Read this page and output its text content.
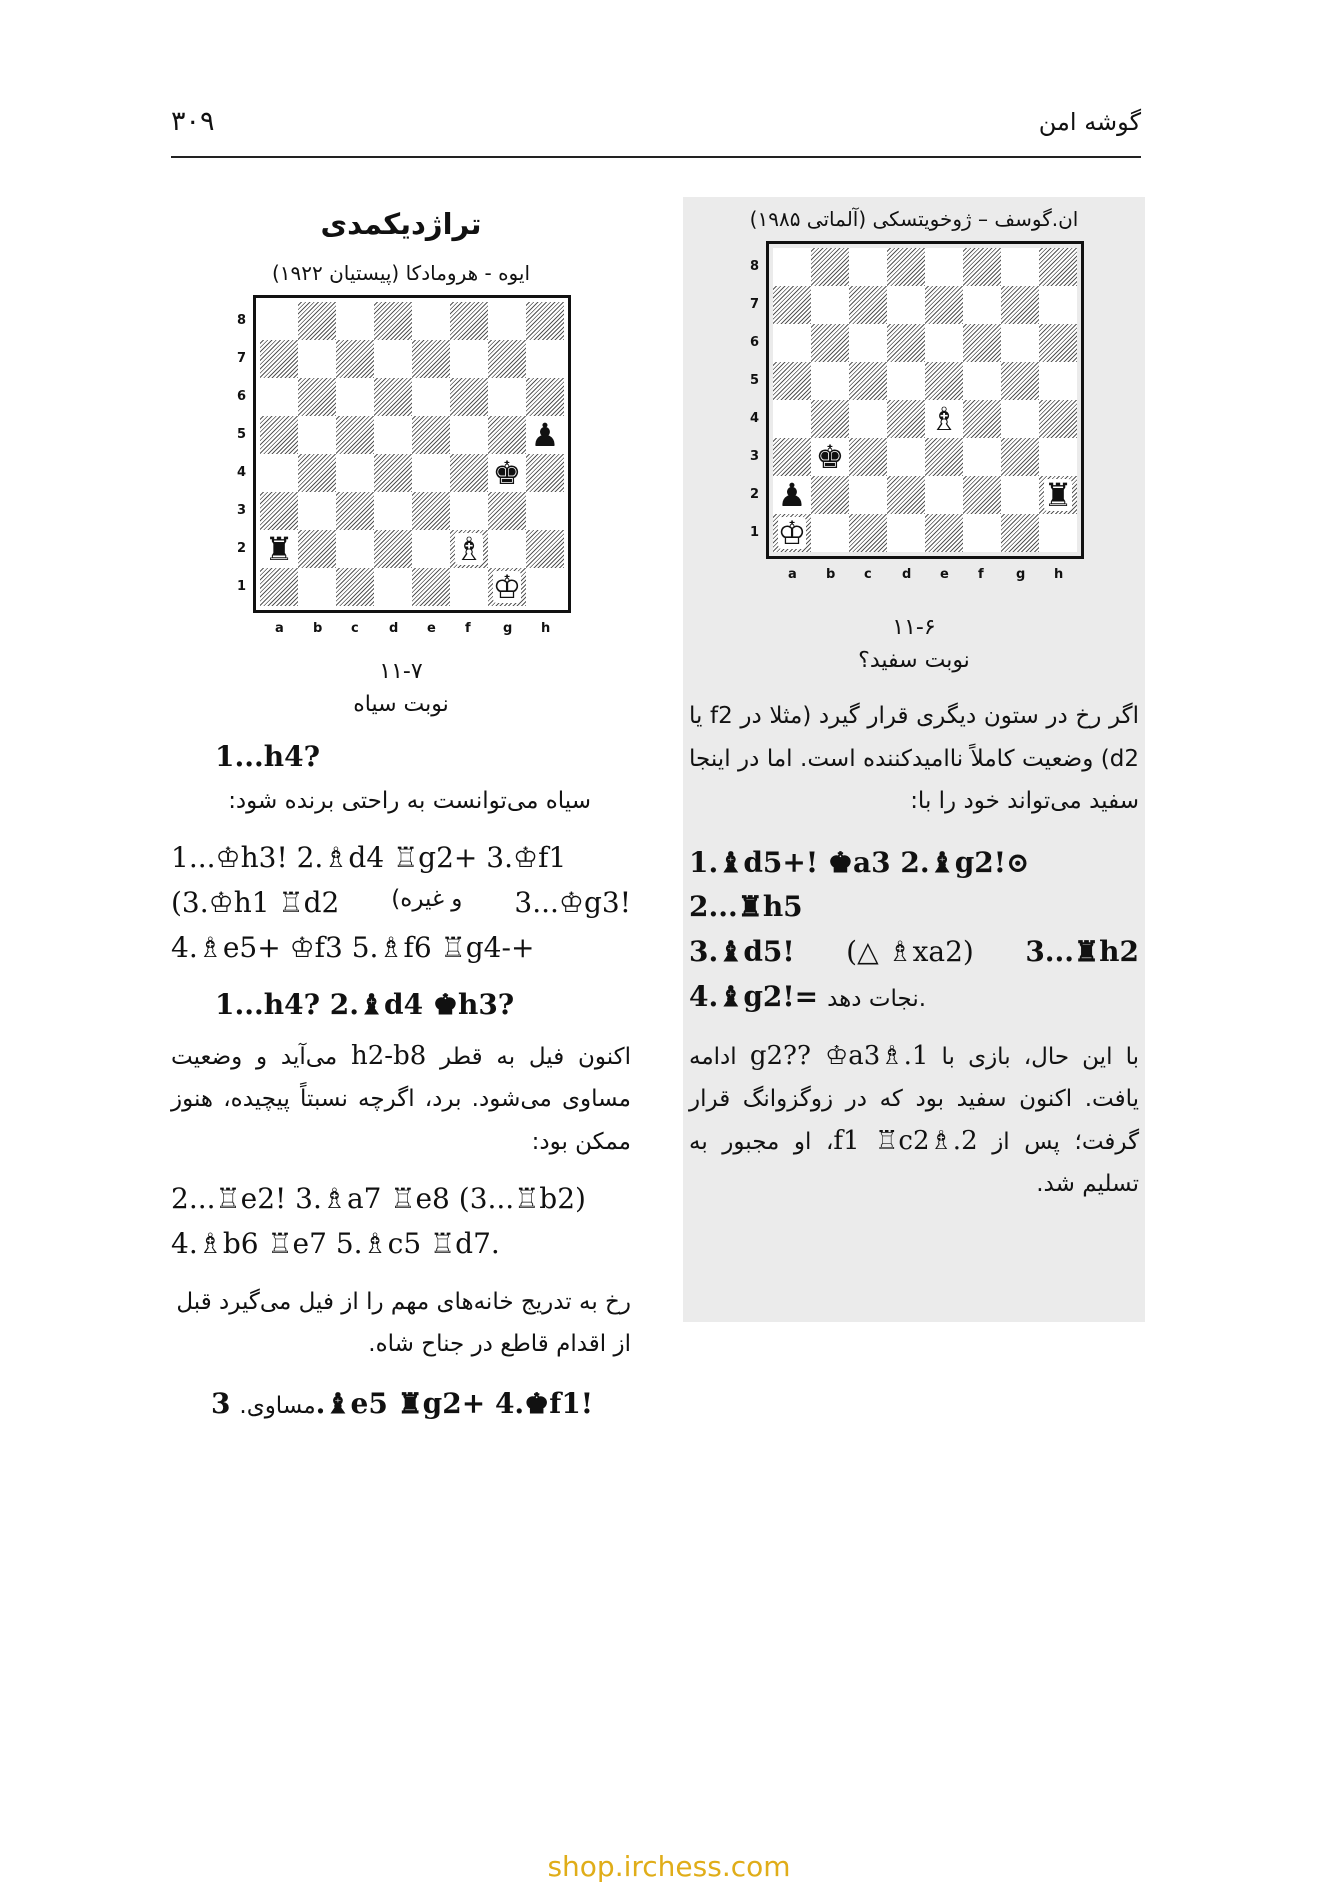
۳۰۹	گوشه امن
تراژدیکمدی
ایوه - هرومادکا (پیستیان ۱۹۲۲)
♟
♚
♜	♗
♔
8
7
6
5
4
3
2
1
a b c d e f g h
۱۱-۷
نوبت سیاه

1...h4?

سیاه می‌توانست به راحتی برنده شود:

1...♔h3! 2.♗d4 ♖g2+ 3.♔f1

(3.♔h1 ♖d2 و غیره) 3...♔g3!

4.♗e5+ ♔f3 5.♗f6 ♖g4-+

1...h4? 2.♝d4 ♚h3?

اکنون فیل به قطر h2-b8 می‌آید و وضعیت مساوی می‌شود. برد، اگرچه نسبتاً پیچیده، هنوز ممکن بود:

2...♖e2! 3.♗a7 ♖e8 (3...♖b2)

4.♗b6 ♖e7 5.♗c5 ♖d7.

رخ به تدریج خانه‌های مهم را از فیل می‌گیرد قبل از اقدام قاطع در جناح شاه.

مساوی. 3.♝e5 ♜g2+ 4.♚f1!

ان.گوسف – ژوخویتسکی (آلماتی ۱۹۸۵)
♗
♚
♟	♜
♔
8
7
6
5
4
3
2
1
a b c d e f g h
۱۱-۶
نوبت سفید؟

اگر رخ در ستون دیگری قرار گیرد (مثلا در f2 یا d2) وضعیت کاملاً ناامیدکننده است. اما در اینجا سفید می‌تواند خود را با:

1.♝d5+! ♚a3 2.♝g2!⊙ 2...♜h5

3.♝d5! (△ ♗xa2) 3...♜h2

4.♝g2!= نجات دهد.

با این حال، بازی با 1.♗g2?? ♔a3 ادامه یافت. اکنون سفید بود که در زوگزوانگ قرار گرفت؛ پس از 2.♗f1 ♖c2، او مجبور به تسلیم شد.

shop.irchess.com
